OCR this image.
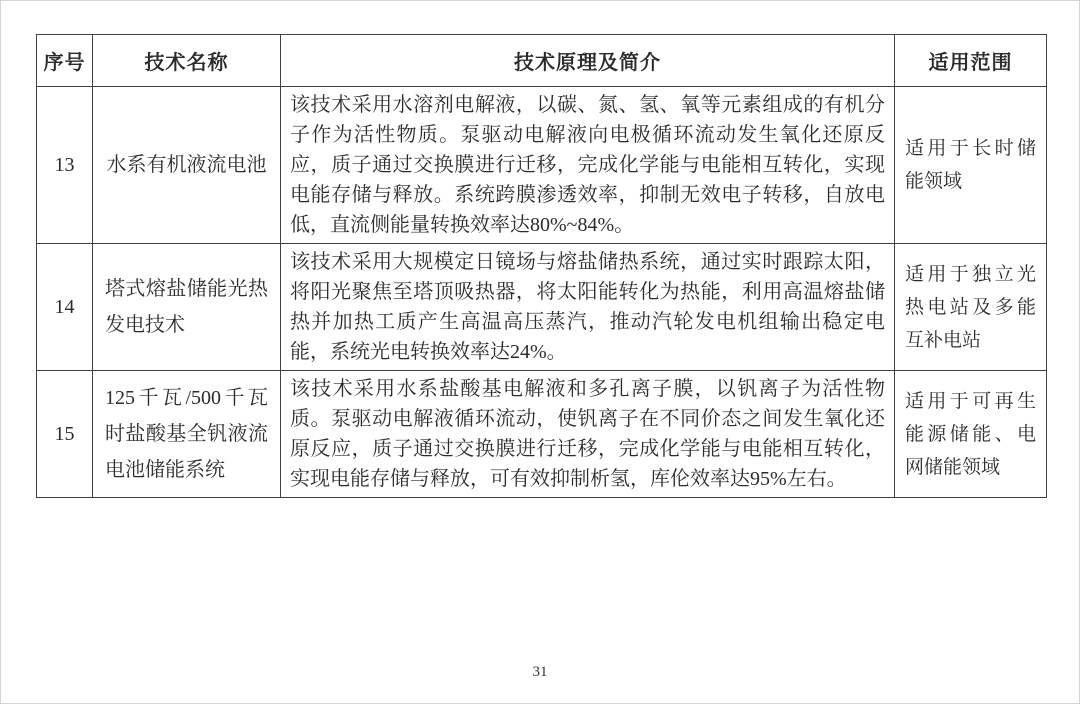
序号	技术名称	技术原理及简介	适用范围
13	水系有机液流电池	该技术采用水溶剂电解液，以碳、氮、氢、氧等元素组成的有机分子作为活性物质。泵驱动电解液向电极循环流动发生氧化还原反应，质子通过交换膜进行迁移，完成化学能与电能相互转化，实现电能存储与释放。系统跨膜渗透效率，抑制无效电子转移，自放电低，直流侧能量转换效率达80%~84%。	适用于长时储能领域
14	塔式熔盐储能光热发电技术	该技术采用大规模定日镜场与熔盐储热系统，通过实时跟踪太阳，将阳光聚焦至塔顶吸热器，将太阳能转化为热能，利用高温熔盐储热并加热工质产生高温高压蒸汽，推动汽轮发电机组输出稳定电能，系统光电转换效率达24%。	适用于独立光热电站及多能互补电站
15	125千瓦/500千瓦时盐酸基全钒液流电池储能系统	该技术采用水系盐酸基电解液和多孔离子膜，以钒离子为活性物质。泵驱动电解液循环流动，使钒离子在不同价态之间发生氧化还原反应，质子通过交换膜进行迁移，完成化学能与电能相互转化，实现电能存储与释放，可有效抑制析氢，库伦效率达95%左右。	适用于可再生能源储能、电网储能领域
31
